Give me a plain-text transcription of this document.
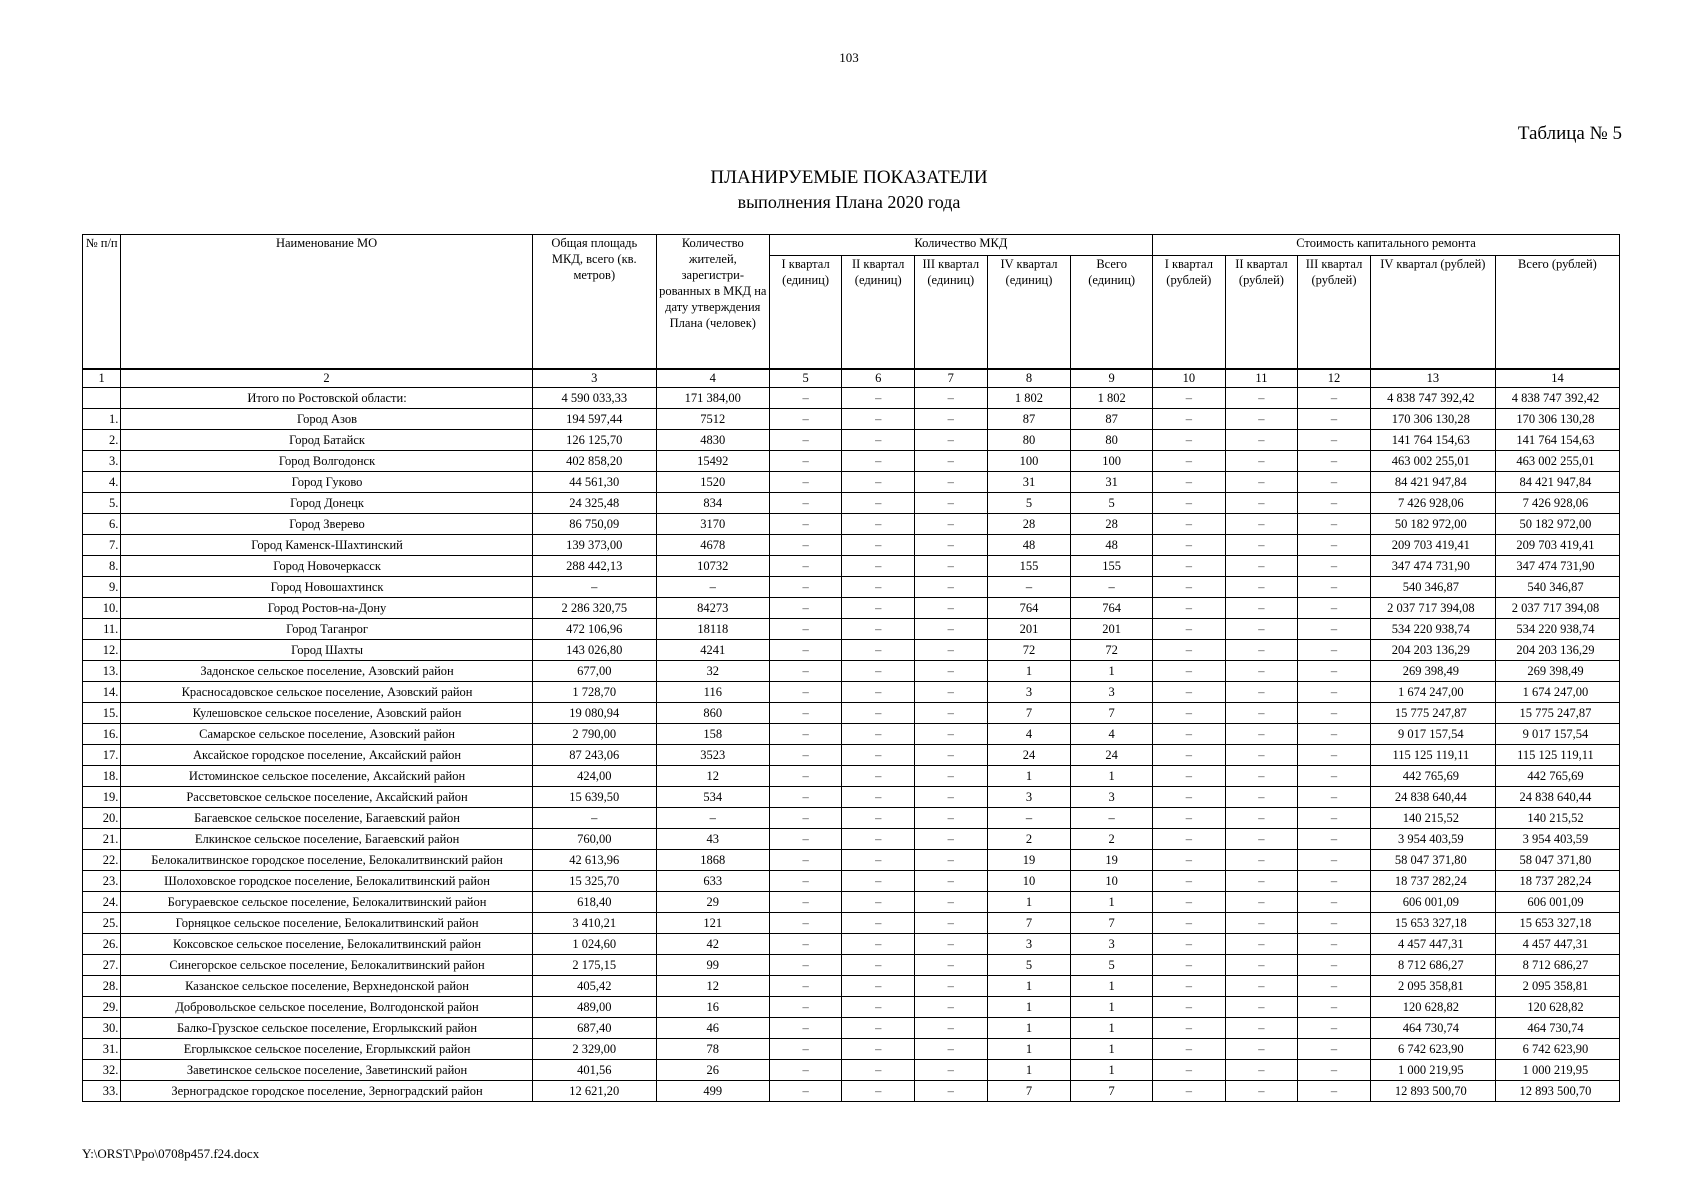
103
Таблица № 5
ПЛАНИРУЕМЫЕ ПОКАЗАТЕЛИ
выполнения Плана 2020 года
№ п/п	Наименование МО	Общая площадь МКД, всего (кв. метров)	Количество жителей, зарегистри-рованных в МКД на дату утверждения Плана (человек)	Количество МКД					Стоимость капитального ремонта				
				I квартал (единиц)	II квартал (единиц)	III квартал (единиц)	IV квартал (единиц)	Всего (единиц)	I квартал (рублей)	II квартал (рублей)	III квартал (рублей)	IV квартал (рублей)	Всего (рублей)
1	2	3	4	5	6	7	8	9	10	11	12	13	14
	Итого по Ростовской области:	4 590 033,33	171 384,00	–	–	–	1 802	1 802	–	–	–	4 838 747 392,42	4 838 747 392,42
1.	Город Азов	194 597,44	7512	–	–	–	87	87	–	–	–	170 306 130,28	170 306 130,28
2.	Город Батайск	126 125,70	4830	–	–	–	80	80	–	–	–	141 764 154,63	141 764 154,63
3.	Город Волгодонск	402 858,20	15492	–	–	–	100	100	–	–	–	463 002 255,01	463 002 255,01
4.	Город Гуково	44 561,30	1520	–	–	–	31	31	–	–	–	84 421 947,84	84 421 947,84
5.	Город Донецк	24 325,48	834	–	–	–	5	5	–	–	–	7 426 928,06	7 426 928,06
6.	Город Зверево	86 750,09	3170	–	–	–	28	28	–	–	–	50 182 972,00	50 182 972,00
7.	Город Каменск-Шахтинский	139 373,00	4678	–	–	–	48	48	–	–	–	209 703 419,41	209 703 419,41
8.	Город Новочеркасск	288 442,13	10732	–	–	–	155	155	–	–	–	347 474 731,90	347 474 731,90
9.	Город Новошахтинск	–	–	–	–	–	–	–	–	–	–	540 346,87	540 346,87
10.	Город Ростов-на-Дону	2 286 320,75	84273	–	–	–	764	764	–	–	–	2 037 717 394,08	2 037 717 394,08
11.	Город Таганрог	472 106,96	18118	–	–	–	201	201	–	–	–	534 220 938,74	534 220 938,74
12.	Город Шахты	143 026,80	4241	–	–	–	72	72	–	–	–	204 203 136,29	204 203 136,29
13.	Задонское сельское поселение, Азовский район	677,00	32	–	–	–	1	1	–	–	–	269 398,49	269 398,49
14.	Красносадовское сельское поселение, Азовский район	1 728,70	116	–	–	–	3	3	–	–	–	1 674 247,00	1 674 247,00
15.	Кулешовское сельское поселение, Азовский район	19 080,94	860	–	–	–	7	7	–	–	–	15 775 247,87	15 775 247,87
16.	Самарское сельское поселение, Азовский район	2 790,00	158	–	–	–	4	4	–	–	–	9 017 157,54	9 017 157,54
17.	Аксайское городское поселение, Аксайский район	87 243,06	3523	–	–	–	24	24	–	–	–	115 125 119,11	115 125 119,11
18.	Истоминское сельское поселение, Аксайский район	424,00	12	–	–	–	1	1	–	–	–	442 765,69	442 765,69
19.	Рассветовское сельское поселение, Аксайский район	15 639,50	534	–	–	–	3	3	–	–	–	24 838 640,44	24 838 640,44
20.	Багаевское сельское поселение, Багаевский район	–	–	–	–	–	–	–	–	–	–	140 215,52	140 215,52
21.	Елкинское сельское поселение, Багаевский район	760,00	43	–	–	–	2	2	–	–	–	3 954 403,59	3 954 403,59
22.	Белокалитвинское городское поселение, Белокалитвинский район	42 613,96	1868	–	–	–	19	19	–	–	–	58 047 371,80	58 047 371,80
23.	Шолоховское городское поселение, Белокалитвинский район	15 325,70	633	–	–	–	10	10	–	–	–	18 737 282,24	18 737 282,24
24.	Богураевское сельское поселение, Белокалитвинский район	618,40	29	–	–	–	1	1	–	–	–	606 001,09	606 001,09
25.	Горняцкое сельское поселение, Белокалитвинский район	3 410,21	121	–	–	–	7	7	–	–	–	15 653 327,18	15 653 327,18
26.	Коксовское сельское поселение, Белокалитвинский район	1 024,60	42	–	–	–	3	3	–	–	–	4 457 447,31	4 457 447,31
27.	Синегорское сельское поселение, Белокалитвинский район	2 175,15	99	–	–	–	5	5	–	–	–	8 712 686,27	8 712 686,27
28.	Казанское сельское поселение, Верхнедонской район	405,42	12	–	–	–	1	1	–	–	–	2 095 358,81	2 095 358,81
29.	Добровольское сельское поселение, Волгодонской район	489,00	16	–	–	–	1	1	–	–	–	120 628,82	120 628,82
30.	Балко-Грузское сельское поселение, Егорлыкский район	687,40	46	–	–	–	1	1	–	–	–	464 730,74	464 730,74
31.	Егорлыкское сельское поселение, Егорлыкский район	2 329,00	78	–	–	–	1	1	–	–	–	6 742 623,90	6 742 623,90
32.	Заветинское сельское поселение, Заветинский район	401,56	26	–	–	–	1	1	–	–	–	1 000 219,95	1 000 219,95
33.	Зерноградское городское поселение, Зерноградский район	12 621,20	499	–	–	–	7	7	–	–	–	12 893 500,70	12 893 500,70
Y:\ORST\Ppo\0708p457.f24.docx
